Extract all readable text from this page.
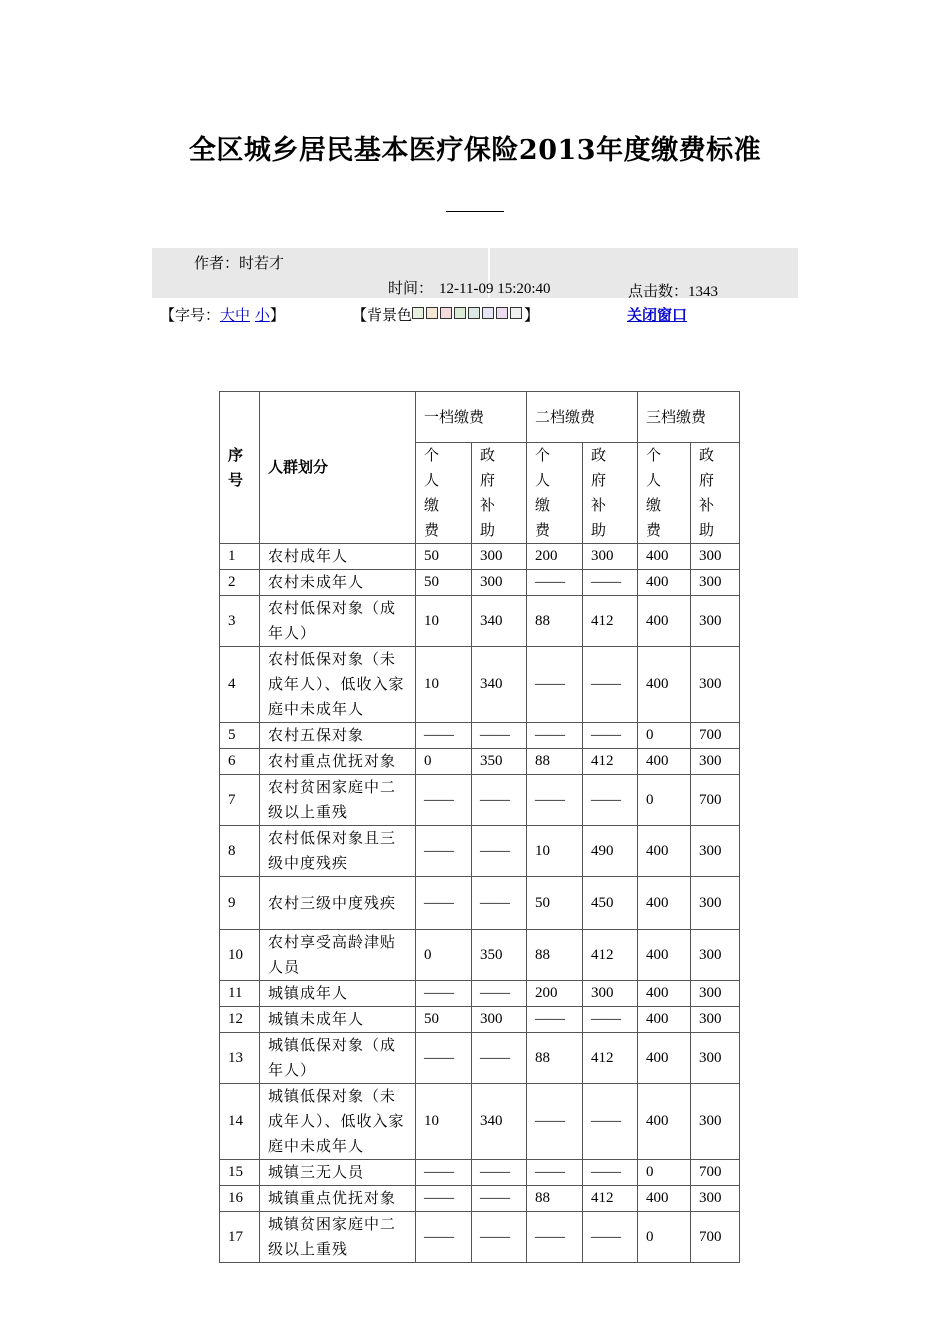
全区城乡居民基本医疗保险2013年度缴费标准
作者：时若才
时间： 12-11-09 15:20:40	点击数：1343
【字号：大中 小】	【背景色	】	关闭窗口
序号	人群划分	一档缴费		二档缴费		三档缴费	
		个人缴费	政府补助	个人缴费	政府补助	个人缴费	政府补助
1	农村成年人	50	300	200	300	400	300
2	农村未成年人	50	300	——	——	400	300
3	农村低保对象（成年人）	10	340	88	412	400	300
4	农村低保对象（未成年人）、低收入家庭中未成年人	10	340	——	——	400	300
5	农村五保对象	——	——	——	——	0	700
6	农村重点优抚对象	0	350	88	412	400	300
7	农村贫困家庭中二级以上重残	——	——	——	——	0	700
8	农村低保对象且三级中度残疾	——	——	10	490	400	300
9	农村三级中度残疾	——	——	50	450	400	300
10	农村享受高龄津贴人员	0	350	88	412	400	300
11	城镇成年人	——	——	200	300	400	300
12	城镇未成年人	50	300	——	——	400	300
13	城镇低保对象（成年人）	——	——	88	412	400	300
14	城镇低保对象（未成年人）、低收入家庭中未成年人	10	340	——	——	400	300
15	城镇三无人员	——	——	——	——	0	700
16	城镇重点优抚对象	——	——	88	412	400	300
17	城镇贫困家庭中二级以上重残	——	——	——	——	0	700
